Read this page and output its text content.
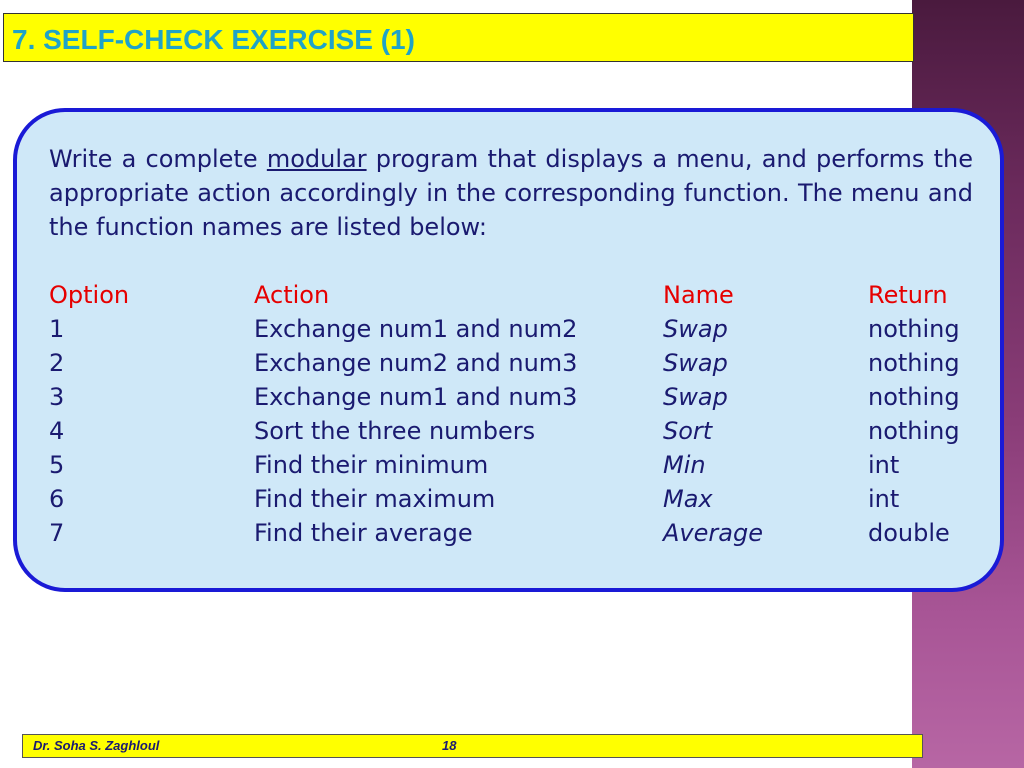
7. SELF-CHECK EXERCISE (1)
Write a complete modular program that displays a menu, and performs the appropriate action accordingly in the corresponding function. The menu and the function names are listed below:
Option
1
2
3
4
5
6
7
Action
Exchange num1 and num2
Exchange num2 and num3
Exchange num1 and num3
Sort the three numbers
Find their minimum
Find their maximum
Find their average
Name
Swap
Swap
Swap
Sort
Min
Max
Average
Return
nothing
nothing
nothing
nothing
int
int
double
Dr. Soha S. Zaghloul	18
